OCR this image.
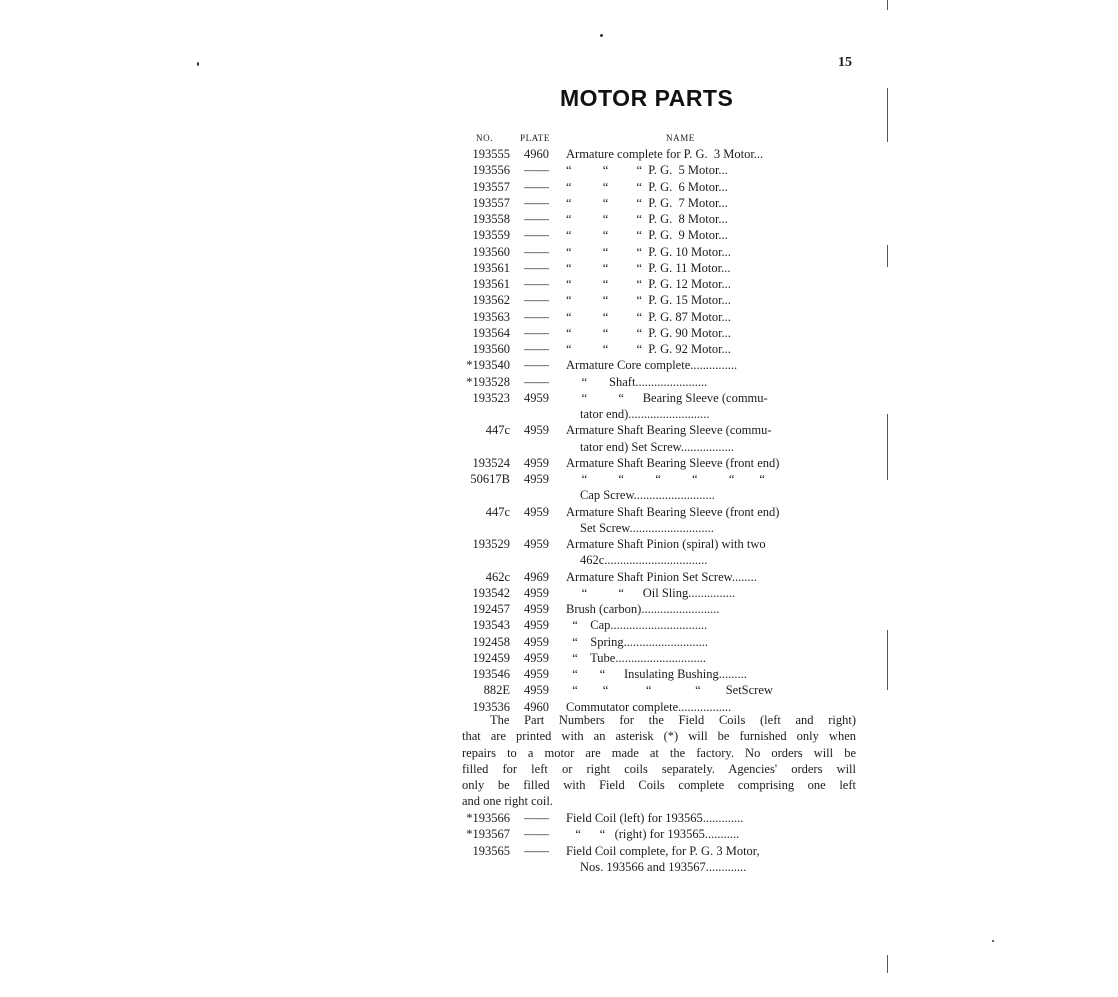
15
MOTOR PARTS
NO.	PLATE	NAME
193555 4960 Armature complete for P. G.  3 Motor...
193556 —— “          “         “  P. G.  5 Motor...
193557 —— “          “         “  P. G.  6 Motor...
193557 —— “          “         “  P. G.  7 Motor...
193558 —— “          “         “  P. G.  8 Motor...
193559 —— “          “         “  P. G.  9 Motor...
193560 —— “          “         “  P. G. 10 Motor...
193561 —— “          “         “  P. G. 11 Motor...
193561 —— “          “         “  P. G. 12 Motor...
193562 —— “          “         “  P. G. 15 Motor...
193563 —— “          “         “  P. G. 87 Motor...
193564 —— “          “         “  P. G. 90 Motor...
193560 —— “          “         “  P. G. 92 Motor...
*193540 —— Armature Core complete...............
*193528 —— “       Shaft.......................
193523 4959 “          “      Bearing Sleeve (commu-
tator end)..........................
447c 4959 Armature Shaft Bearing Sleeve (commu-
tator end) Set Screw.................
193524 4959 Armature Shaft Bearing Sleeve (front end)
50617B 4959 “          “          “          “          “        “
Cap Screw..........................
447c 4959 Armature Shaft Bearing Sleeve (front end)
Set Screw...........................
193529 4959 Armature Shaft Pinion (spiral) with two
462c.................................
462c 4969 Armature Shaft Pinion Set Screw........
193542 4959 “          “      Oil Sling...............
192457 4959 Brush (carbon).........................
193543 4959 “    Cap...............................
192458 4959 “    Spring...........................
192459 4959 “    Tube.............................
193546 4959 “       “      Insulating Bushing.........
882E 4959 “        “            “              “        SetScrew
193536 4960 Commutator complete.................
The Part Numbers for the Field Coils (left and right)
that are printed with an asterisk (*) will be furnished only when
repairs to a motor are made at the factory. No orders will be
filled for left or right coils separately. Agencies' orders will
only be filled with Field Coils complete comprising one left
and one right coil.
*193566 —— Field Coil (left) for 193565.............
*193567 —— “      “   (right) for 193565...........
193565 —— Field Coil complete, for P. G. 3 Motor,
Nos. 193566 and 193567.............
